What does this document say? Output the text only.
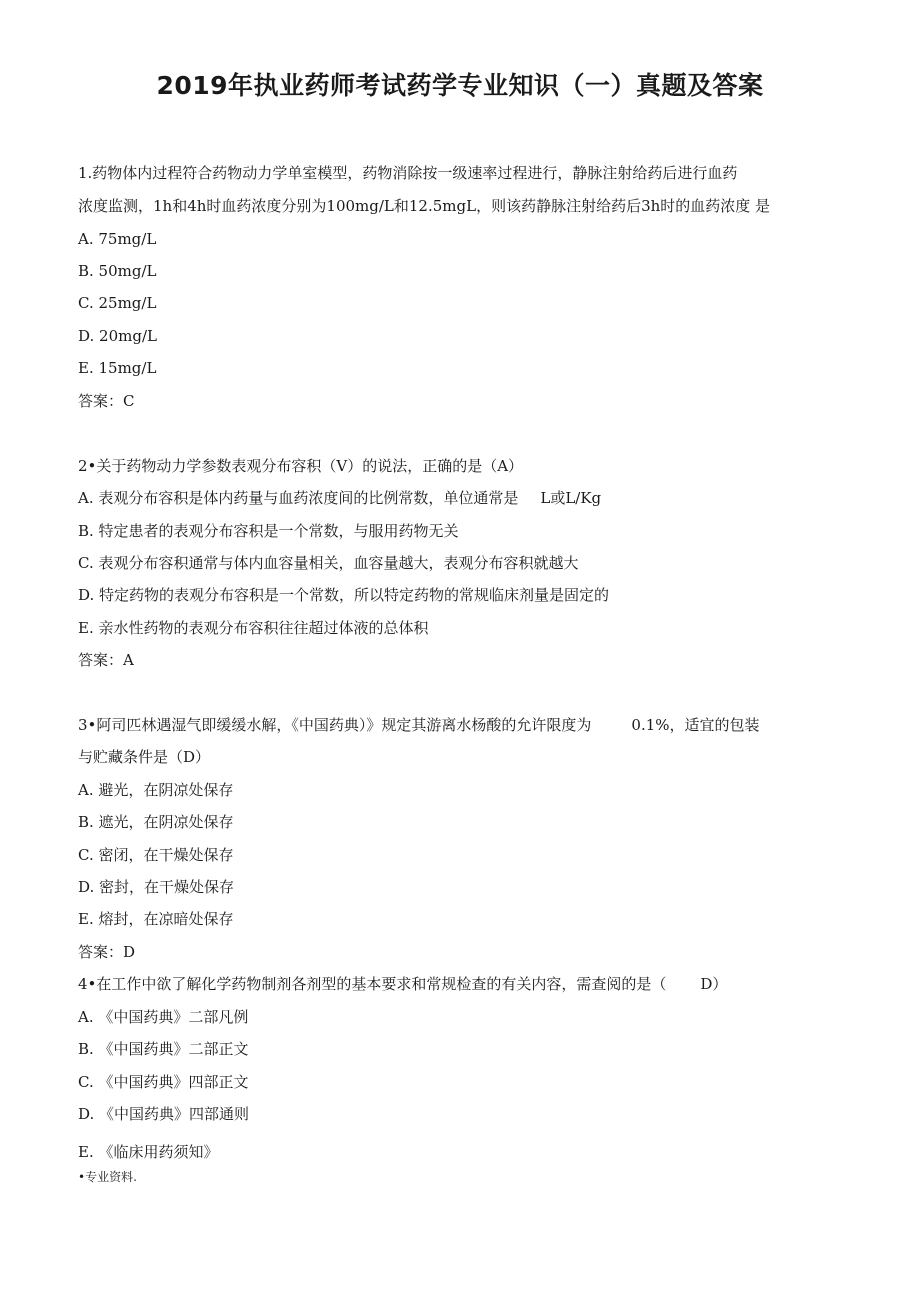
2019年执业药师考试药学专业知识（一）真题及答案
1.药物体内过程符合药物动力学单室模型，药物消除按一级速率过程进行，静脉注射给药后进行血药
浓度监测，1h和4h时血药浓度分别为100mg/L和12.5mgL，则该药静脉注射给药后3h时的血药浓度 是
A. 75mg/L
B. 50mg/L
C. 25mg/L
D. 20mg/L
E. 15mg/L
答案：C
2•关于药物动力学参数表观分布容积（V）的说法，正确的是（A）
A. 表观分布容积是体内药量与血药浓度间的比例常数，单位通常是 L或L/Kg
B. 特定患者的表观分布容积是一个常数，与服用药物无关
C. 表观分布容积通常与体内血容量相关，血容量越大，表观分布容积就越大
D. 特定药物的表观分布容积是一个常数，所以特定药物的常规临床剂量是固定的
E. 亲水性药物的表观分布容积往往超过体液的总体积
答案：A
3•阿司匹林遇湿气即缓缓水解，《中国药典）》规定其游离水杨酸的允许限度为	0.1%，适宜的包装
与贮藏条件是（D）
A. 避光，在阴凉处保存
B. 遮光，在阴凉处保存
C. 密闭，在干燥处保存
D. 密封，在干燥处保存
E. 熔封，在凉暗处保存
答案：D
4•在工作中欲了解化学药物制剂各剂型的基本要求和常规检查的有关内容，需查阅的是（ D）
A. 《中国药典》二部凡例
B. 《中国药典》二部正文
C. 《中国药典》四部正文
D. 《中国药典》四部通则
E. 《临床用药须知》
•专业资料.
